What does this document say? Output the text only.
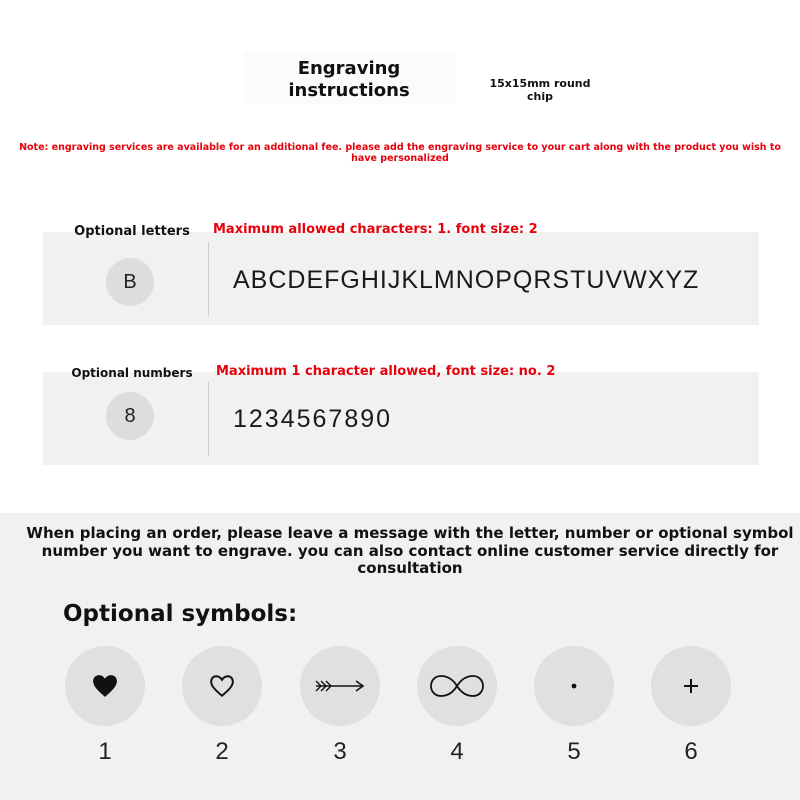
Engraving
instructions	15x15mm round
chip
Note: engraving services are available for an additional fee. please add the engraving service to your cart along with the product you wish to have personalized
Optional letters	Maximum allowed characters: 1. font size: 2
B	ABCDEFGHIJKLMNOPQRSTUVWXYZ
Optional numbers	Maximum 1 character allowed, font size: no. 2
8	1234567890
When placing an order, please leave a message with the letter, number or optional symbol number you want to engrave. you can also contact online customer service directly for consultation
Optional symbols:
1	2	3	4	5	6
